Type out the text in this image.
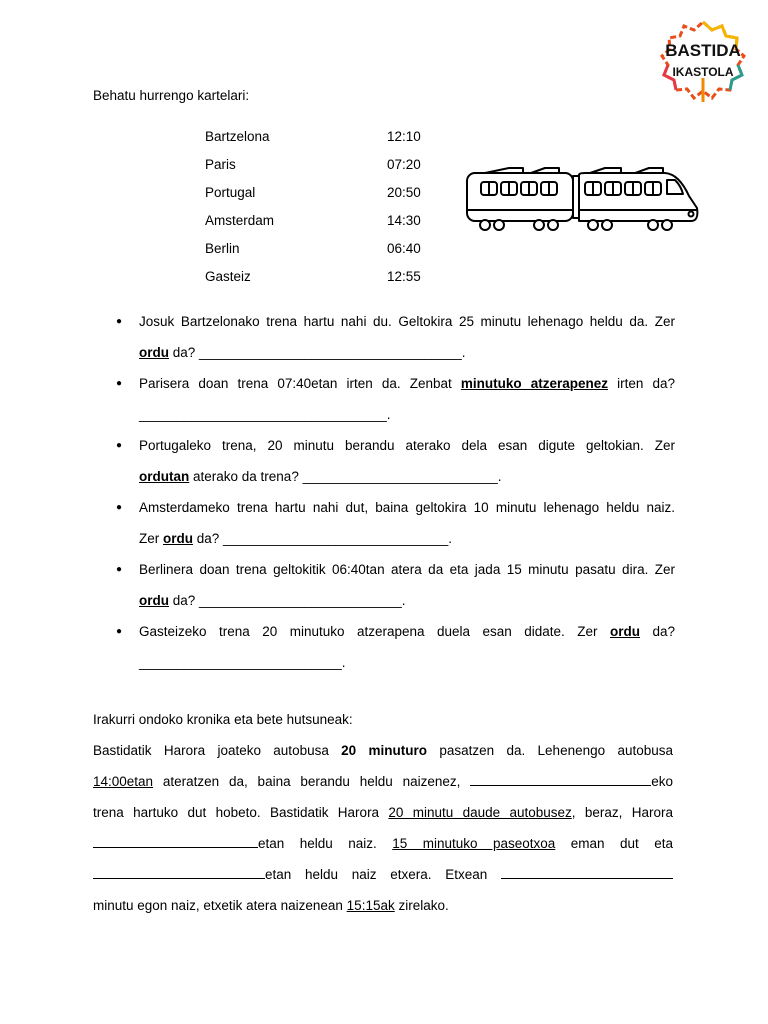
BASTIDA
IKASTOLA
Behatu hurrengo kartelari:
Bartzelona	12:10
Paris	07:20
Portugal	20:50
Amsterdam	14:30
Berlin	06:40
Gasteiz	12:55
● Josuk Bartzelonako trena hartu nahi du. Geltokira 25 minutu lehenago heldu da. Zer
ordu da? ___________________________________.
● Parisera doan trena 07:40etan irten da. Zenbat minutuko atzerapenez irten da?
_________________________________.
● Portugaleko trena, 20 minutu berandu aterako dela esan digute geltokian. Zer
ordutan aterako da trena? __________________________.
● Amsterdameko trena hartu nahi dut, baina geltokira 10 minutu lehenago heldu naiz.
Zer ordu da? ______________________________.
● Berlinera doan trena geltokitik 06:40tan atera da eta jada 15 minutu pasatu dira. Zer
ordu da? ___________________________.
● Gasteizeko trena 20 minutuko atzerapena duela esan didate. Zer ordu da?
___________________________.
Irakurri ondoko kronika eta bete hutsuneak:
Bastidatik Harora joateko autobusa 20 minuturo pasatzen da. Lehenengo autobusa
14:00etan ateratzen da, baina berandu heldu naizenez,	eko
trena hartuko dut hobeto. Bastidatik Harora 20 minutu daude autobusez, beraz, Harora
etan heldu naiz. 15 minutuko paseotxoa eman dut eta
etan heldu naiz etxera. Etxean
minutu egon naiz, etxetik atera naizenean 15:15ak zirelako.
